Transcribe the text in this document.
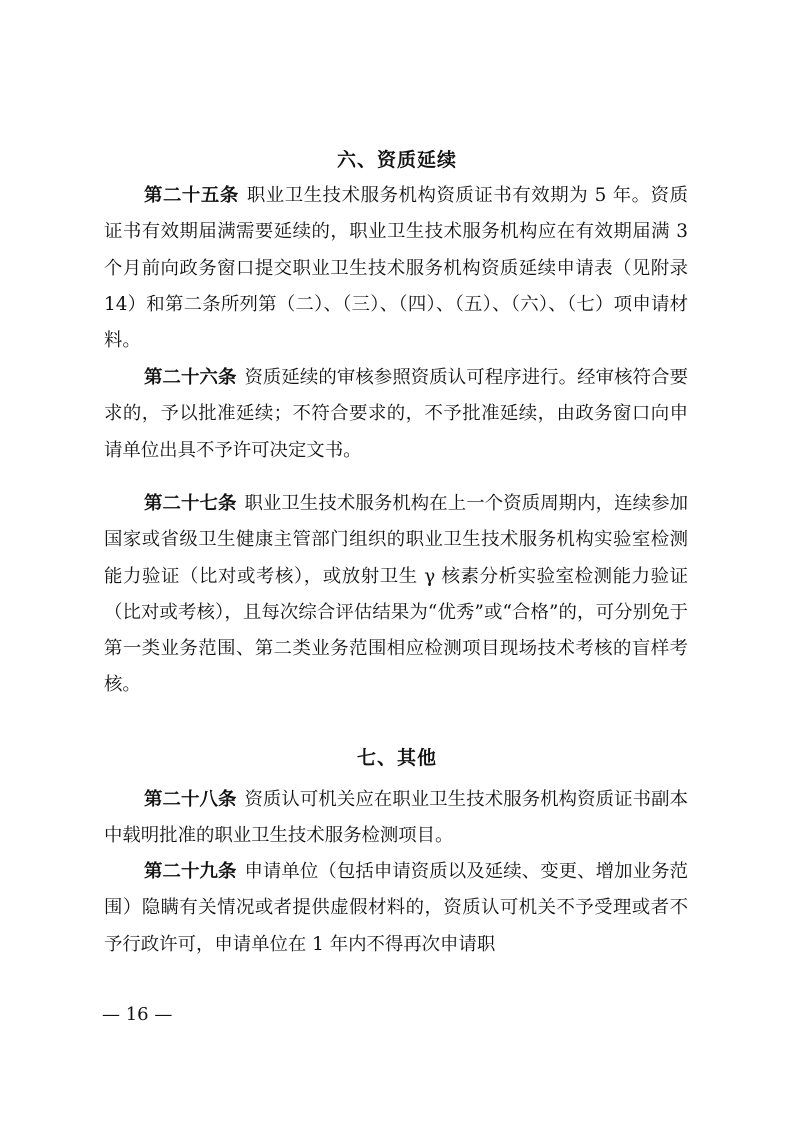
六、资质延续

第二十五条 职业卫生技术服务机构资质证书有效期为 5 年。资质证书有效期届满需要延续的，职业卫生技术服务机构应在有效期届满 3 个月前向政务窗口提交职业卫生技术服务机构资质延续申请表（见附录 14）和第二条所列第（二）、（三）、（四）、（五）、（六）、（七）项申请材料。

第二十六条 资质延续的审核参照资质认可程序进行。经审核符合要求的，予以批准延续；不符合要求的，不予批准延续，由政务窗口向申请单位出具不予许可决定文书。

第二十七条 职业卫生技术服务机构在上一个资质周期内，连续参加国家或省级卫生健康主管部门组织的职业卫生技术服务机构实验室检测能力验证（比对或考核），或放射卫生 γ 核素分析实验室检测能力验证（比对或考核），且每次综合评估结果为“优秀”或“合格”的，可分别免于第一类业务范围、第二类业务范围相应检测项目现场技术考核的盲样考核。

七、其他

第二十八条 资质认可机关应在职业卫生技术服务机构资质证书副本中载明批准的职业卫生技术服务检测项目。

第二十九条 申请单位（包括申请资质以及延续、变更、增加业务范围）隐瞒有关情况或者提供虚假材料的，资质认可机关不予受理或者不予行政许可，申请单位在 1 年内不得再次申请职

— 16 —
